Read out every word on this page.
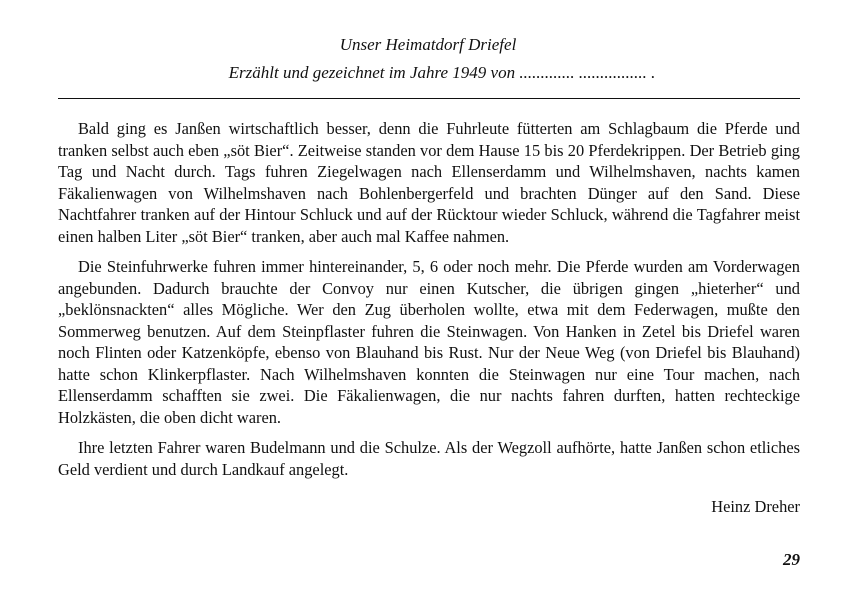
Unser Heimatdorf Driefel
Erzählt und gezeichnet im Jahre 1949 von ............. ................ .

Bald ging es Janßen wirtschaftlich besser, denn die Fuhrleute fütterten am Schlagbaum die Pferde und tranken selbst auch eben „söt Bier“. Zeitweise standen vor dem Hause 15 bis 20 Pferdekrippen. Der Betrieb ging Tag und Nacht durch. Tags fuhren Ziegelwagen nach Ellenserdamm und Wilhelmshaven, nachts kamen Fäkalienwagen von Wilhelmshaven nach Bohlenbergerfeld und brachten Dünger auf den Sand. Diese Nachtfahrer tranken auf der Hintour Schluck und auf der Rücktour wieder Schluck, während die Tagfahrer meist einen halben Liter „söt Bier“ tranken, aber auch mal Kaffee nahmen.

Die Steinfuhrwerke fuhren immer hintereinander, 5, 6 oder noch mehr. Die Pferde wurden am Vorderwagen angebunden. Dadurch brauchte der Convoy nur einen Kutscher, die übrigen gingen „hieterher“ und „beklönsnackten“ alles Mögliche. Wer den Zug überholen wollte, etwa mit dem Federwagen, mußte den Sommerweg benutzen. Auf dem Steinpflaster fuhren die Steinwagen. Von Hanken in Zetel bis Driefel waren noch Flinten oder Katzenköpfe, ebenso von Blauhand bis Rust. Nur der Neue Weg (von Driefel bis Blauhand) hatte schon Klinkerpflaster. Nach Wilhelmshaven konnten die Steinwagen nur eine Tour machen, nach Ellenserdamm schafften sie zwei. Die Fäkalienwagen, die nur nachts fahren durften, hatten rechteckige Holzkästen, die oben dicht waren.

Ihre letzten Fahrer waren Budelmann und die Schulze. Als der Wegzoll aufhörte, hatte Janßen schon etliches Geld verdient und durch Landkauf angelegt.

Heinz Dreher
29
